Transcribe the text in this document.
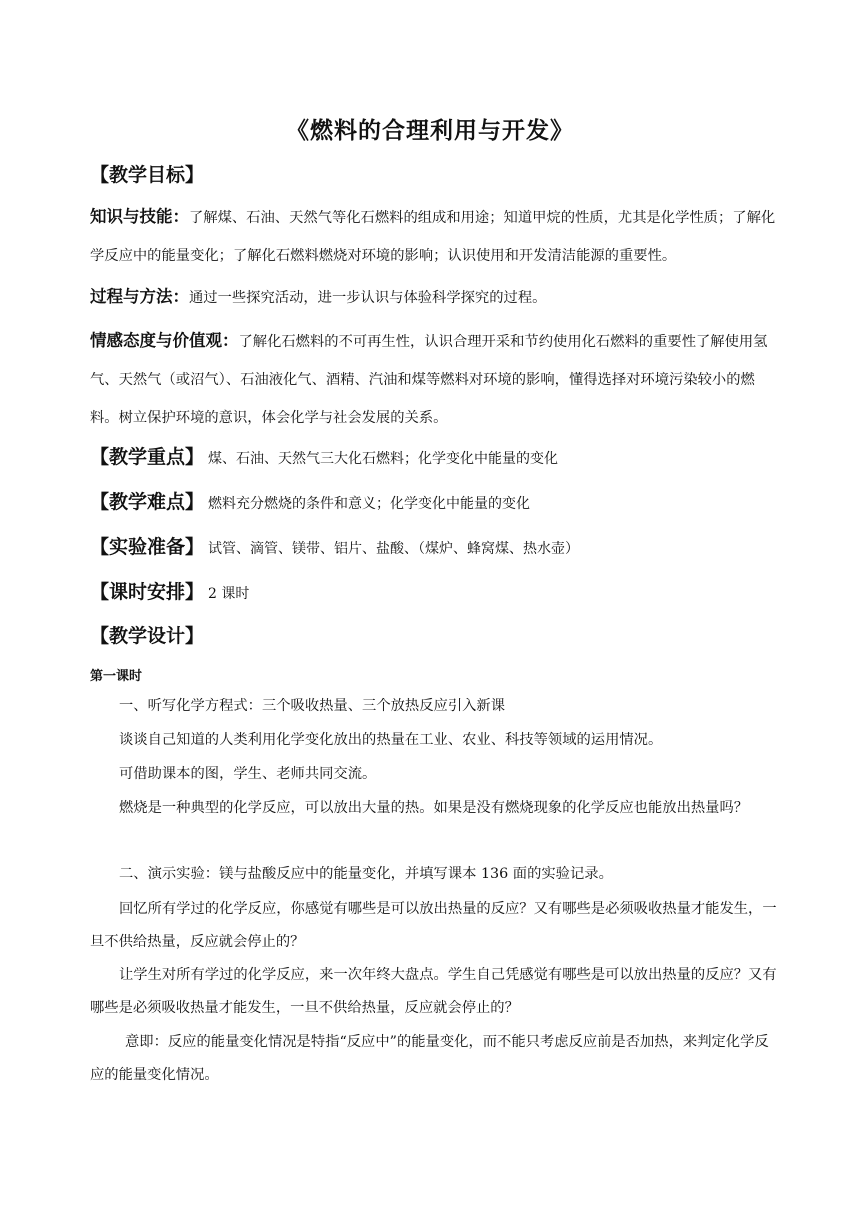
《燃料的合理利用与开发》
【教学目标】
知识与技能：了解煤、石油、天然气等化石燃料的组成和用途；知道甲烷的性质，尤其是化学性质；了解化学反应中的能量变化；了解化石燃料燃烧对环境的影响；认识使用和开发清洁能源的重要性。
过程与方法：通过一些探究活动，进一步认识与体验科学探究的过程。
情感态度与价值观：了解化石燃料的不可再生性，认识合理开采和节约使用化石燃料的重要性了解使用氢气、天然气（或沼气）、石油液化气、酒精、汽油和煤等燃料对环境的影响，懂得选择对环境污染较小的燃料。树立保护环境的意识，体会化学与社会发展的关系。
【教学重点】 煤、石油、天然气三大化石燃料；化学变化中能量的变化
【教学难点】 燃料充分燃烧的条件和意义；化学变化中能量的变化
【实验准备】 试管、滴管、镁带、铝片、盐酸、（煤炉、蜂窝煤、热水壶）
【课时安排】 2 课时
【教学设计】
第一课时
一、听写化学方程式：三个吸收热量、三个放热反应引入新课
谈谈自己知道的人类利用化学变化放出的热量在工业、农业、科技等领域的运用情况。
可借助课本的图，学生、老师共同交流。
燃烧是一种典型的化学反应，可以放出大量的热。如果是没有燃烧现象的化学反应也能放出热量吗？
二、演示实验：镁与盐酸反应中的能量变化，并填写课本 136 面的实验记录。
回忆所有学过的化学反应，你感觉有哪些是可以放出热量的反应？又有哪些是必须吸收热量才能发生，一旦不供给热量，反应就会停止的？
让学生对所有学过的化学反应，来一次年终大盘点。学生自己凭感觉有哪些是可以放出热量的反应？又有哪些是必须吸收热量才能发生，一旦不供给热量，反应就会停止的？
意即：反应的能量变化情况是特指“反应中”的能量变化，而不能只考虑反应前是否加热，来判定化学反应的能量变化情况。
